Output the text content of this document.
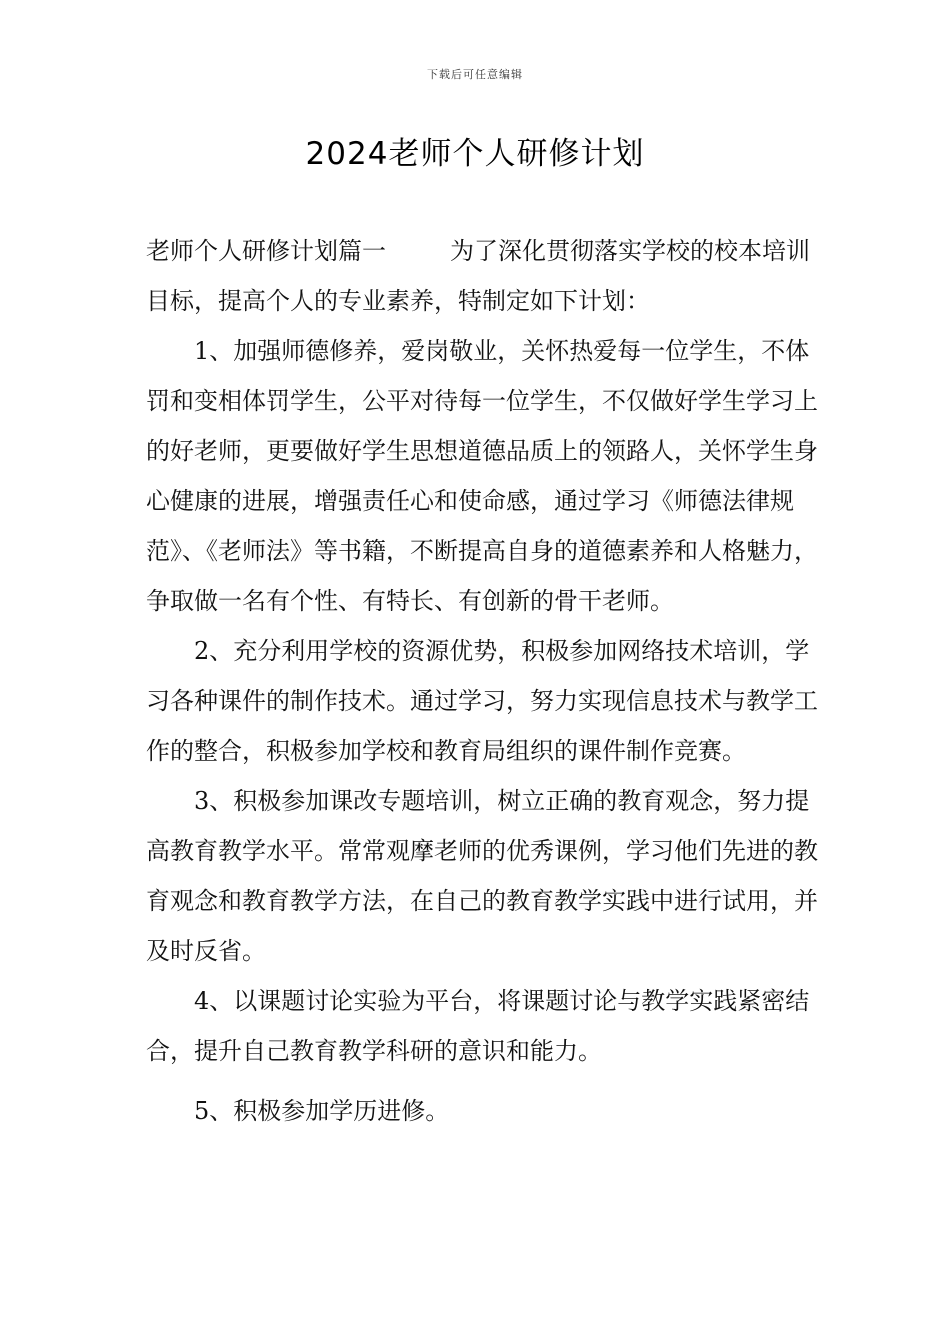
下载后可任意编辑
2024老师个人研修计划

老师个人研修计划篇一	为了深化贯彻落实学校的校本培训目标，提高个人的专业素养，特制定如下计划：

1、加强师德修养，爱岗敬业，关怀热爱每一位学生，不体罚和变相体罚学生，公平对待每一位学生，不仅做好学生学习上的好老师，更要做好学生思想道德品质上的领路人，关怀学生身心健康的进展，增强责任心和使命感，通过学习《师德法律规范》、《老师法》等书籍，不断提高自身的道德素养和人格魅力，争取做一名有个性、有特长、有创新的骨干老师。

2、充分利用学校的资源优势，积极参加网络技术培训，学习各种课件的制作技术。通过学习，努力实现信息技术与教学工作的整合，积极参加学校和教育局组织的课件制作竞赛。

3、积极参加课改专题培训，树立正确的教育观念，努力提高教育教学水平。常常观摩老师的优秀课例，学习他们先进的教育观念和教育教学方法，在自己的教育教学实践中进行试用，并及时反省。

4、以课题讨论实验为平台，将课题讨论与教学实践紧密结合，提升自己教育教学科研的意识和能力。

5、积极参加学历进修。
